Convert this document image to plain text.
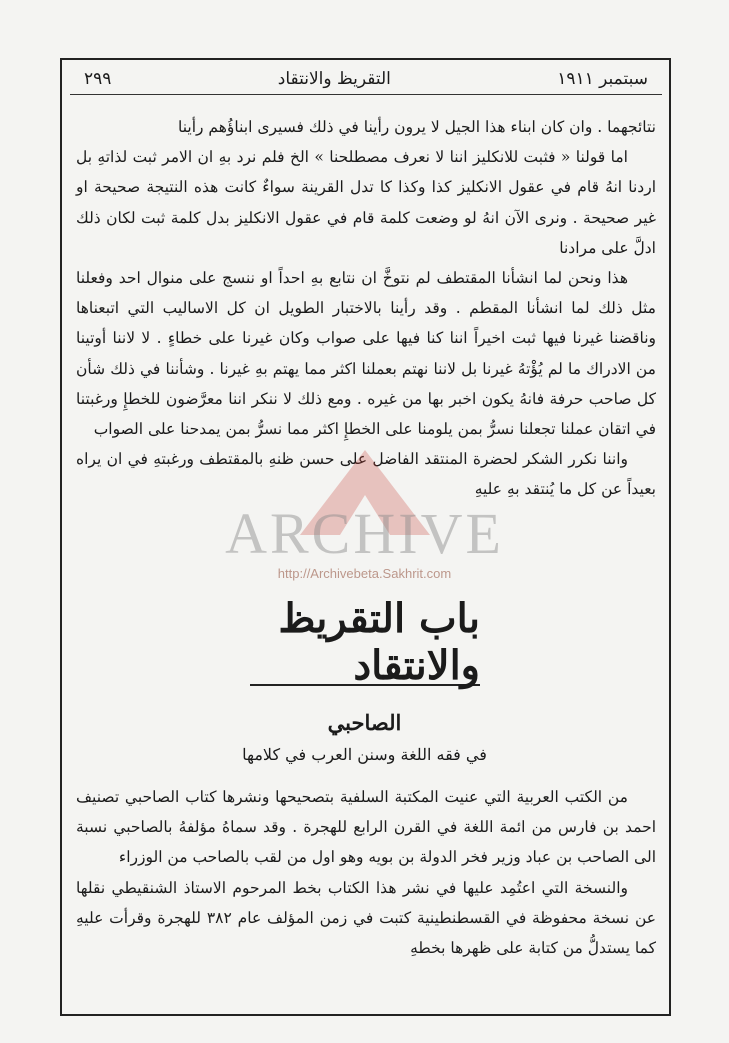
سبتمبر ١٩١١
التقريظ والانتقاد
٢٩٩

نتائجهما . وان كان ابناء هذا الجيل لا يرون رأينا في ذلك فسيرى ابناؤُهم رأينا

اما قولنا « فثبت للانكليز اننا لا نعرف مصطلحنا » الخ فلم نرد بهِ ان الامر ثبت لذاتهِ بل اردنا انهُ قام في عقول الانكليز كذا وكذا كا تدل القرينة سواءٌ كانت هذه النتيجة صحيحة او غير صحيحة . ونرى الآن انهُ لو وضعت كلمة قام في عقول الانكليز بدل كلمة ثبت لكان ذلك ادلَّ على مرادنا

هذا ونحن لما انشأنا المقتطف لم نتوخَّ ان نتابع بهِ احداً او ننسج على منوال احد وفعلنا مثل ذلك لما انشأنا المقطم . وقد رأينا بالاختبار الطويل ان كل الاساليب التي اتبعناها وناقضنا غيرنا فيها ثبت اخيراً اننا كنا فيها على صواب وكان غيرنا على خطاءٍ . لا لاننا أوتينا من الادراك ما لم يُؤْتهُ غيرنا بل لاننا نهتم بعملنا اكثر مما يهتم بهِ غيرنا . وشأننا في ذلك شأن كل صاحب حرفة فانهُ يكون اخبر بها من غيره . ومع ذلك لا ننكر اننا معرَّضون للخطإِ ورغبتنا في اتقان عملنا تجعلنا نسرُّ بمن يلومنا على الخطإِ اكثر مما نسرُّ بمن يمدحنا على الصواب

واننا نكرر الشكر لحضرة المنتقد الفاضل على حسن ظنهِ بالمقتطف ورغبتهِ في ان يراه بعيداً عن كل ما يُنتقد بهِ عليهِ

ARCHIVE
http://Archivebeta.Sakhrit.com
باب التقريظ والانتقاد
الصاحبي
في فقه اللغة وسنن العرب في كلامها

من الكتب العربية التي عنيت المكتبة السلفية بتصحيحها ونشرها كتاب الصاحبي تصنيف احمد بن فارس من ائمة اللغة في القرن الرابع للهجرة . وقد سماهُ مؤلفهُ بالصاحبي نسبة الى الصاحب بن عباد وزير فخر الدولة بن بويه وهو اول من لقب بالصاحب من الوزراء

والنسخة التي اعتُمِد عليها في نشر هذا الكتاب بخط المرحوم الاستاذ الشنقيطي نقلها عن نسخة محفوظة في القسطنطينية كتبت في زمن المؤلف عام ٣٨٢ للهجرة وقرأت عليهِ كما يستدلُّ من كتابة على ظهرها بخطهِ
